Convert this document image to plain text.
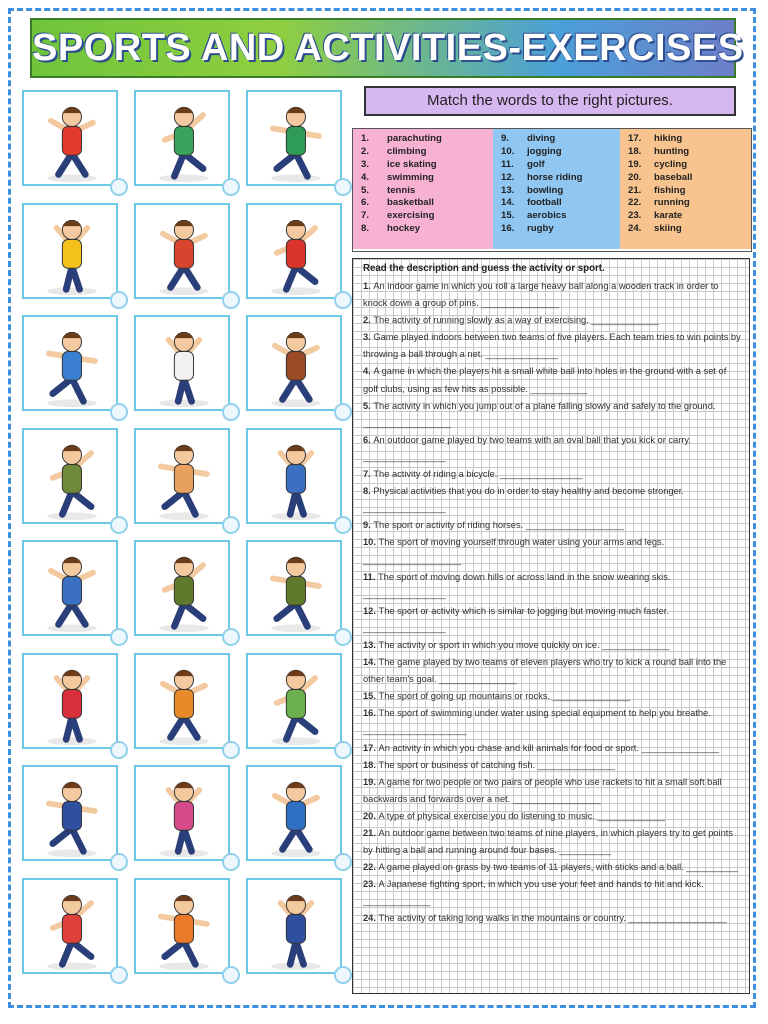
SPORTS AND ACTIVITIES-EXERCISES
Match the words to the right pictures.
1. parachuting
2. climbing
3. ice skating
4. swimming
5. tennis
6. basketball
7. exercising
8. hockey
9. diving
10. jogging
11. golf
12. horse riding
13. bowling
14. football
15. aerobics
16. rugby
17. hiking
18. hunting
19. cycling
20. baseball
21. fishing
22. running
23. karate
24. skiing
Read the description and guess the activity or sport.
1. An indoor game in which you roll a large heavy ball along a wooden track in order to knock down a group of pins. _______________
2. The activity of running slowly as a way of exercising. _____________
3. Game played indoors between two teams of five players. Each team tries to win points by throwing a ball through a net. ______________
4. A game in which the players hit a small white ball into holes in the ground with a set of golf clubs, using as few hits as possible. ___________
5. The activity in which you jump out of a plane falling slowly and safely to the ground. _________________
6. An outdoor game played by two teams with an oval ball that you kick or carry. ________________
7. The activity of riding a bicycle. ________________
8. Physical activities that you do in order to stay healthy and become stronger. ________________
9. The sport or activity of riding horses. ___________________
10. The sport of moving yourself through water using your arms and legs. ___________________
11. The sport of moving down hills or across land in the snow wearing skis. ________________
12. The sport or activity which is similar to jogging but moving much faster. ________________
13. The activity or sport in which you move quickly on ice. _____________
14. The game played by two teams of eleven players who try to kick a round ball into the other team's goal. _______________
15. The sport of going up mountains or rocks. _______________
16. The sport of swimming under water using special equipment to help you breathe. ____________________
17. An activity in which you chase and kill animals for food or sport. _______________
18. The sport or business of catching fish. _______________
19. A game for two people or two pairs of people who use rackets to hit a small soft ball backwards and forwards over a net. _________________
20. A type of physical exercise you do listening to music. _____________
21. An outdoor game between two teams of nine players, in which players try to get points by hitting a ball and running around four bases. __________
22. A game played on grass by two teams of 11 players, with sticks and a ball. __________
23. A Japanese fighting sport, in which you use your feet and hands to hit and kick. _____________
24. The activity of taking long walks in the mountains or country. ___________________
